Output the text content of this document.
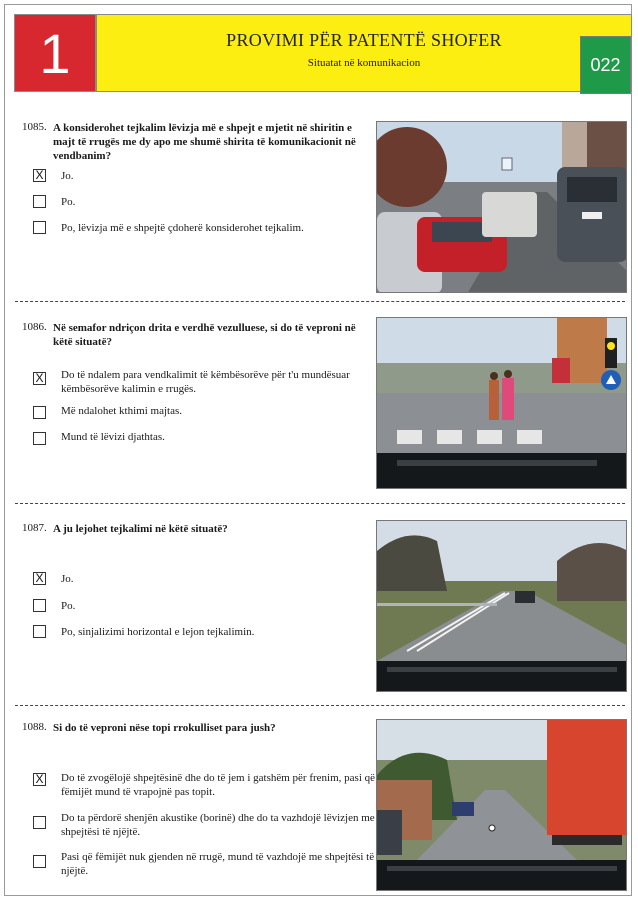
1	PROVIMI PËR PATENTË SHOFER
Situatat në komunikacion	022
1085. A konsiderohet tejkalim lëvizja më e shpejt e mjetit në shiritin e majt të rrugës me dy apo me shumë shirita të komunikacionit në vendbanim?
X Jo.
Po.
Po, lëvizja më e shpejtë çdoherë konsiderohet tejkalim.
1086. Në semafor ndriçon drita e verdhë vezulluese, si do të veproni në këtë situatë?
X Do të ndalem para vendkalimit të këmbësorëve për t'u mundësuar këmbësorëve kalimin e rrugës.
Më ndalohet kthimi majtas.
Mund të lëvizi djathtas.
1087. A ju lejohet tejkalimi në këtë situatë?
X Jo.
Po.
Po, sinjalizimi horizontal e lejon tejkalimin.
1088. Si do të veproni nëse topi rrokulliset para jush?
X Do të zvogëlojë shpejtësinë dhe do të jem i gatshëm për frenim, pasi që fëmijët mund të vrapojnë pas topit.
Do ta përdorë shenjën akustike (borinë) dhe do ta vazhdojë lëvizjen me shpejtësi të njëjtë.
Pasi që fëmijët nuk gjenden në rrugë, mund të vazhdojë me shpejtësi të njëjtë.
